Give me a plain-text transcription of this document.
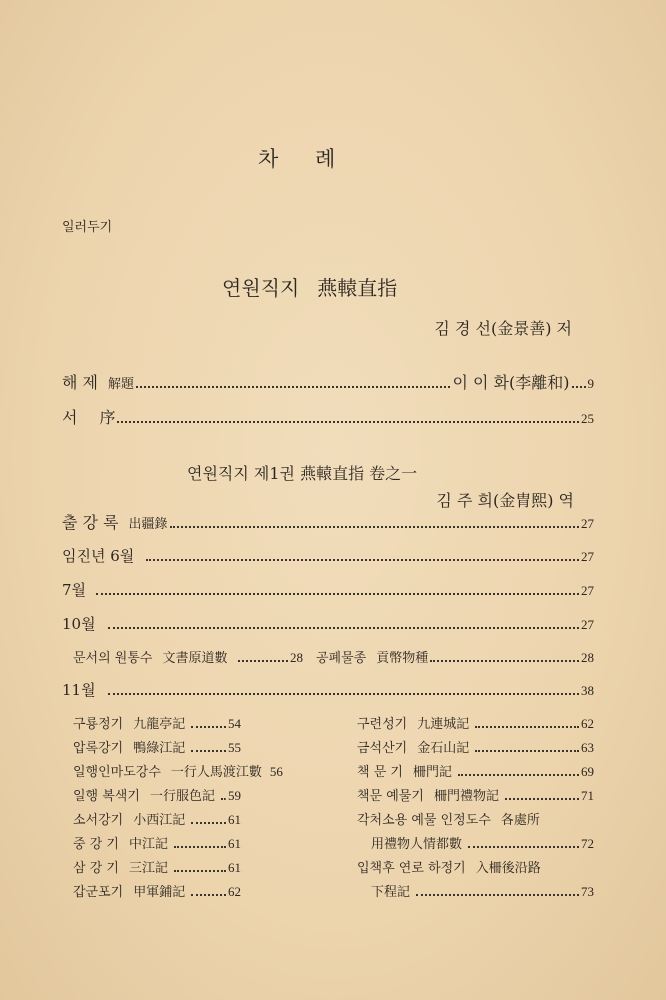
차    례
일러두기
연원직지 燕轅直指
김 경 선(金景善) 저
해 제 解題	이 이 화(李離和) 9
서 序	25
연원직지 제1권 燕轅直指 卷之一
김 주 희(金胄熙) 역
출 강 록 出疆錄	27
임진년 6월	27
7월	27
10월	27
문서의 원통수 文書原道數	28 공폐물종 貢幣物種	28
11월	38
구룡정기 九龍亭記	54
압록강기 鴨綠江記	55
일행인마도강수 一行人馬渡江數 56
일행 복색기 一行服色記 59
소서강기 小西江記	61
중 강 기 中江記	61
삼 강 기 三江記	61
갑군포기 甲軍鋪記	62
구련성기 九連城記	62
금석산기 金石山記	63
책 문 기 柵門記	69
책문 예물기 柵門禮物記	71
각처소용 예물 인정도수 各處所
用禮物人情都數	72
입책후 연로 하정기 入柵後沿路
下程記	73
